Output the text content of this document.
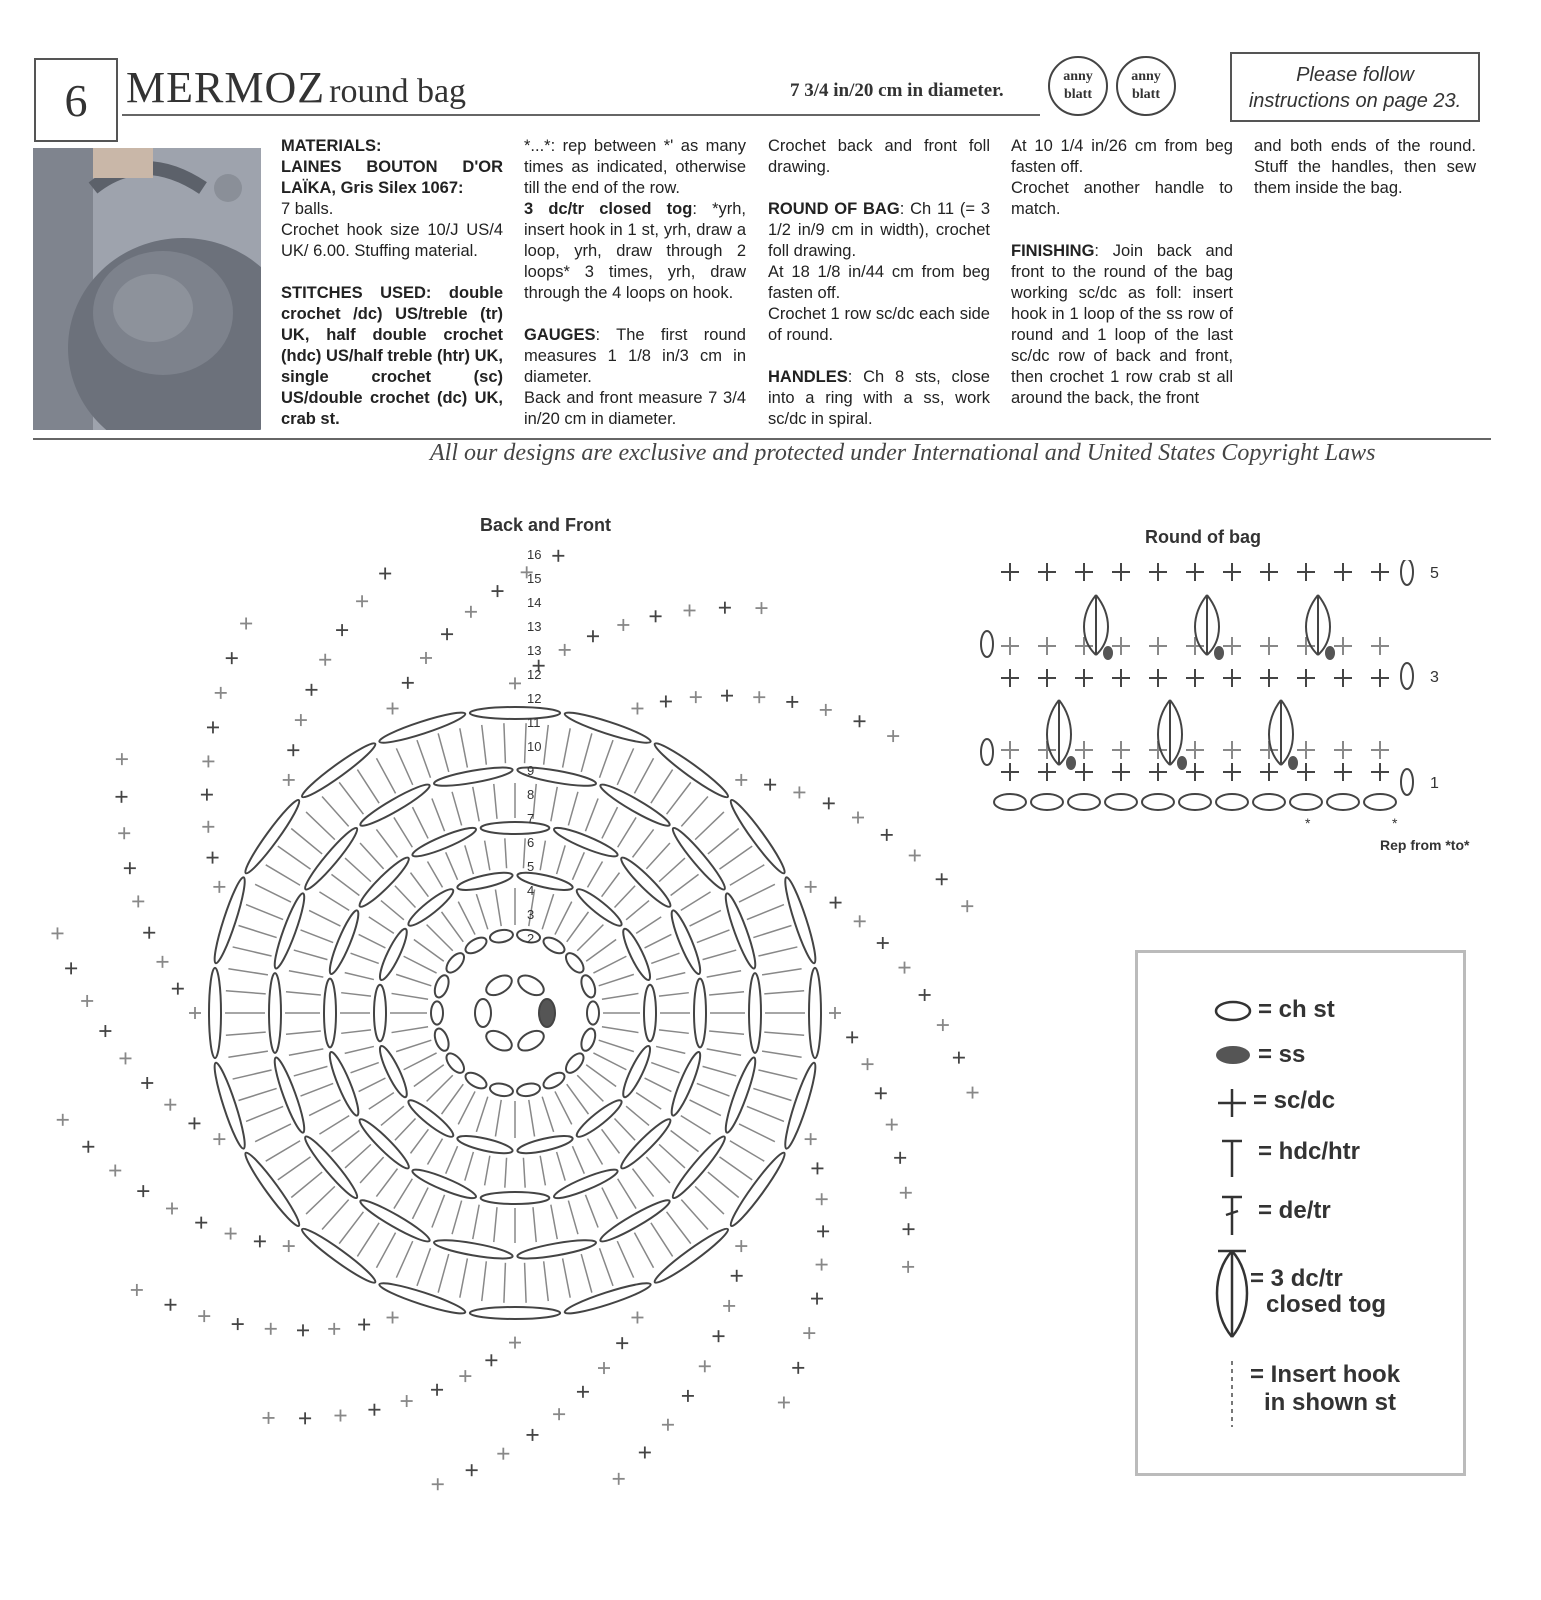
6 MERMOZ round bag	7 3/4 in/20 cm in diameter.
anny
blatt
anny
blatt
Please follow
instructions on page 23.

MATERIALS:

LAINES BOUTON D'OR LAÏKA, Gris Silex 1067:

7 balls.

Crochet hook size 10/J US/4 UK/ 6.00. Stuffing material.

STITCHES USED: double crochet /dc) US/treble (tr) UK, half double crochet (hdc) US/half treble (htr) UK, single crochet (sc) US/double crochet (dc) UK, crab st.

*...*: rep between *' as many times as indicated, otherwise till the end of the row.

3 dc/tr closed tog: *yrh, insert hook in 1 st, yrh, draw a loop, yrh, draw through 2 loops* 3 times, yrh, draw through the 4 loops on hook.

GAUGES: The first round measures 1 1/8 in/3 cm in diameter.

Back and front measure 7 3/4 in/20 cm in diameter.

Crochet back and front foll drawing.

ROUND OF BAG: Ch 11 (= 3 1/2 in/9 cm in width), crochet foll drawing.

At 18 1/8 in/44 cm from beg fasten off.

Crochet 1 row sc/dc each side of round.

HANDLES: Ch 8 sts, close into a ring with a ss, work sc/dc in spiral.

At 10 1/4 in/26 cm from beg fasten off.

Crochet another handle to match.

FINISHING: Join back and front to the round of the bag working sc/dc as foll: insert hook in 1 loop of the ss row of round and 1 loop of the last sc/dc row of back and front, then crochet 1 row crab st all around the back, the front

and both ends of the round. Stuff the handles, then sew them inside the bag.

All our designs are exclusive and protected under International and United States Copyright Laws
Back and Front
2
3
4
5
6
7
8
9
10
11
12
12
13
13
14
15
16
Round of bag
Rep from *to*
*	*
1
3
5
= ch st
= ss
= sc/dc
= hdc/htr
= de/tr
= 3 dc/tr
closed tog
= Insert hook
in shown st
